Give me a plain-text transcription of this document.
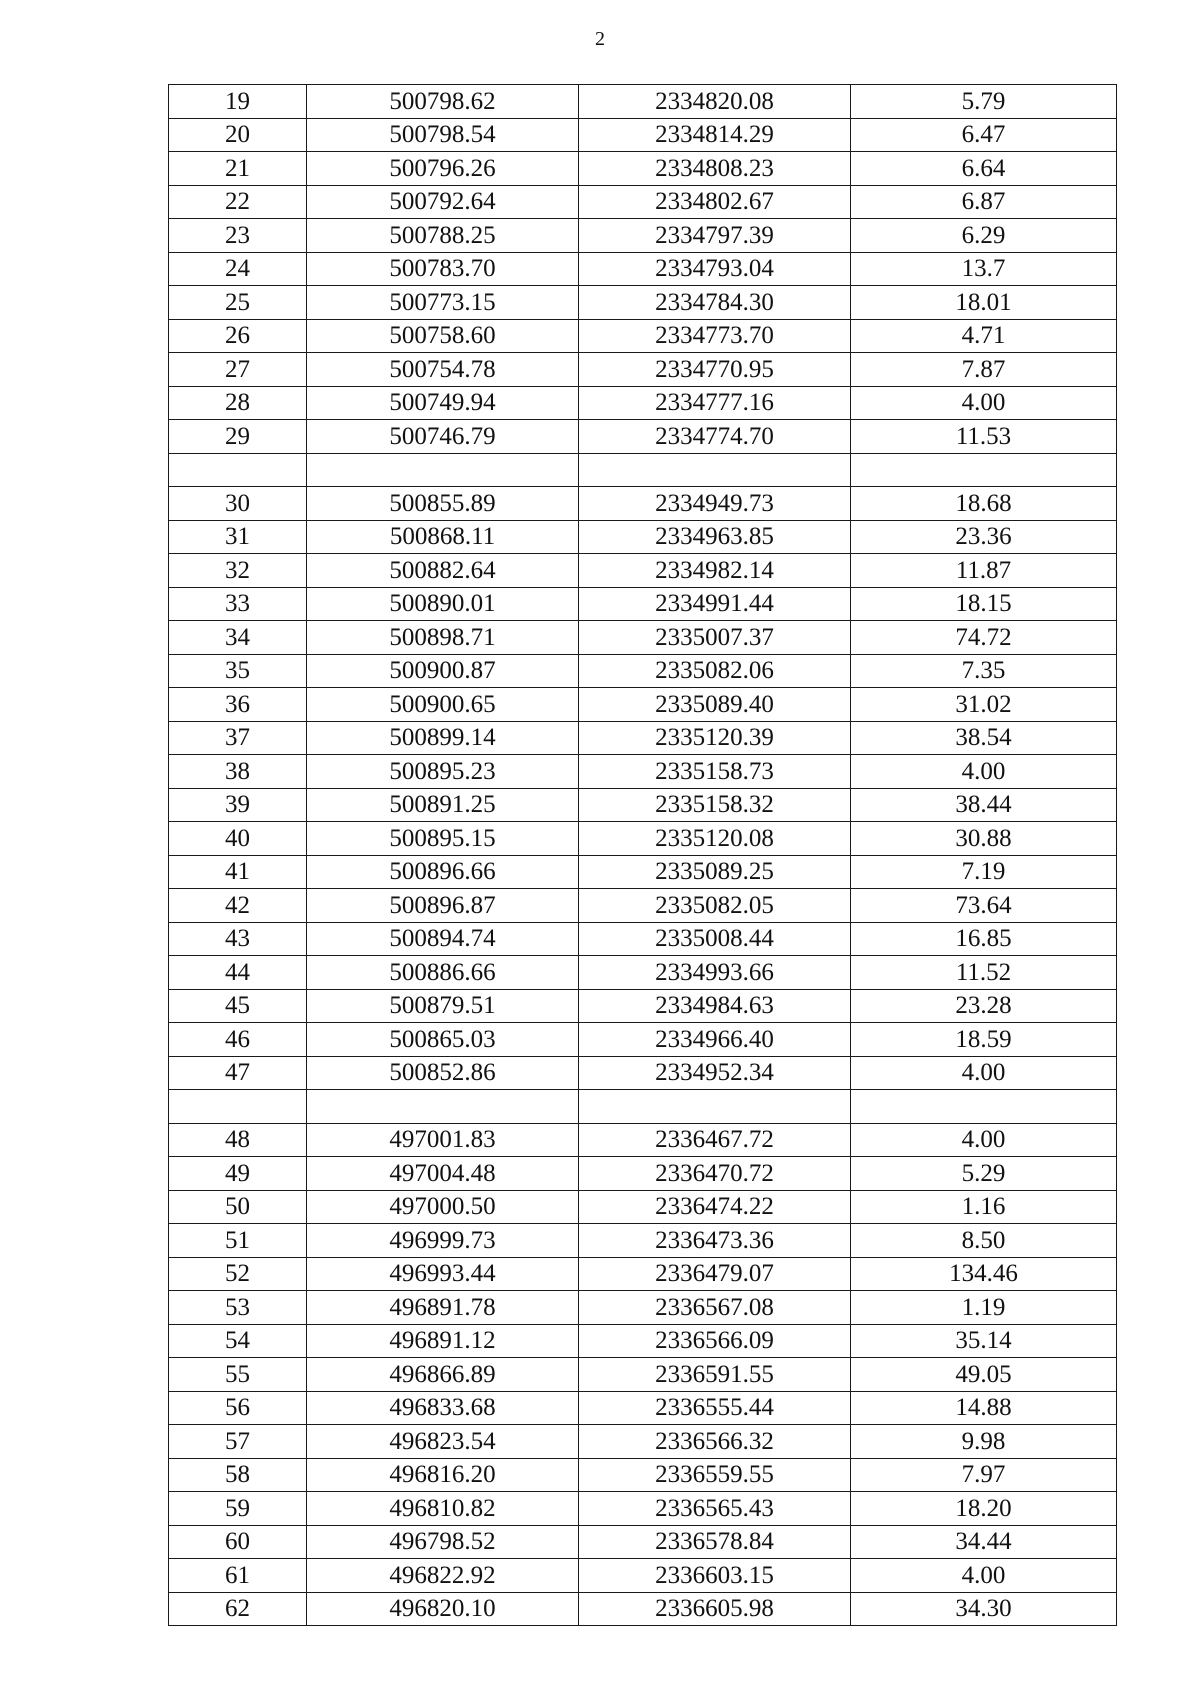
2
19	500798.62	2334820.08	5.79
20	500798.54	2334814.29	6.47
21	500796.26	2334808.23	6.64
22	500792.64	2334802.67	6.87
23	500788.25	2334797.39	6.29
24	500783.70	2334793.04	13.7
25	500773.15	2334784.30	18.01
26	500758.60	2334773.70	4.71
27	500754.78	2334770.95	7.87
28	500749.94	2334777.16	4.00
29	500746.79	2334774.70	11.53

30	500855.89	2334949.73	18.68
31	500868.11	2334963.85	23.36
32	500882.64	2334982.14	11.87
33	500890.01	2334991.44	18.15
34	500898.71	2335007.37	74.72
35	500900.87	2335082.06	7.35
36	500900.65	2335089.40	31.02
37	500899.14	2335120.39	38.54
38	500895.23	2335158.73	4.00
39	500891.25	2335158.32	38.44
40	500895.15	2335120.08	30.88
41	500896.66	2335089.25	7.19
42	500896.87	2335082.05	73.64
43	500894.74	2335008.44	16.85
44	500886.66	2334993.66	11.52
45	500879.51	2334984.63	23.28
46	500865.03	2334966.40	18.59
47	500852.86	2334952.34	4.00

48	497001.83	2336467.72	4.00
49	497004.48	2336470.72	5.29
50	497000.50	2336474.22	1.16
51	496999.73	2336473.36	8.50
52	496993.44	2336479.07	134.46
53	496891.78	2336567.08	1.19
54	496891.12	2336566.09	35.14
55	496866.89	2336591.55	49.05
56	496833.68	2336555.44	14.88
57	496823.54	2336566.32	9.98
58	496816.20	2336559.55	7.97
59	496810.82	2336565.43	18.20
60	496798.52	2336578.84	34.44
61	496822.92	2336603.15	4.00
62	496820.10	2336605.98	34.30
